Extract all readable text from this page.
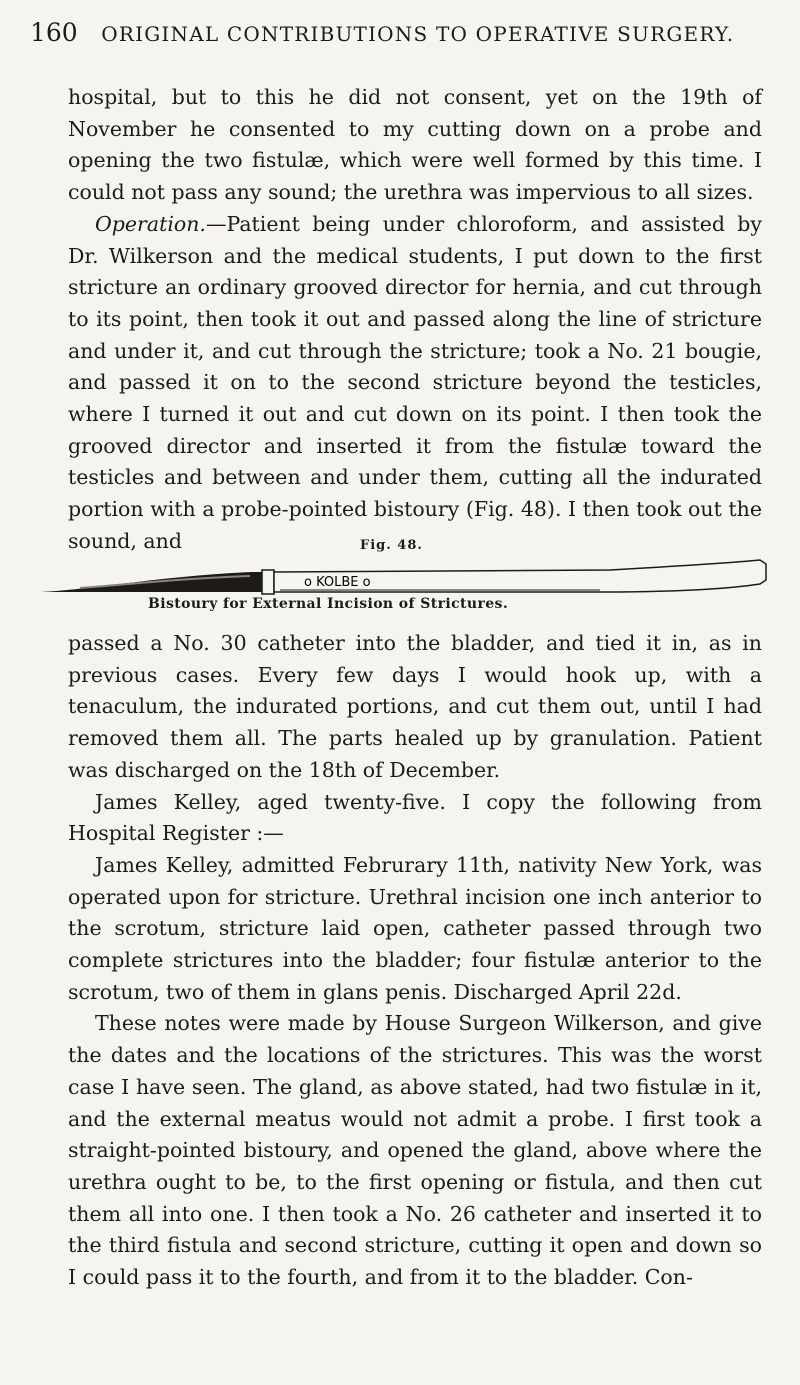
160 ORIGINAL CONTRIBUTIONS TO OPERATIVE SURGERY.

hospital, but to this he did not consent, yet on the 19th of November he consented to my cutting down on a probe and opening the two fistulæ, which were well formed by this time. I could not pass any sound; the urethra was impervious to all sizes.

Operation.—Patient being under chloroform, and assisted by Dr. Wilkerson and the medical students, I put down to the first stricture an ordinary grooved director for hernia, and cut through to its point, then took it out and passed along the line of stricture and under it, and cut through the stricture; took a No. 21 bougie, and passed it on to the second stricture beyond the testicles, where I turned it out and cut down on its point. I then took the grooved director and inserted it from the fistulæ toward the testicles and between and under them, cutting all the indurated portion with a probe-pointed bistoury (Fig. 48). I then took out the sound, and	Fig. 48.
o KOLBE o
Bistoury for External Incision of Strictures.

passed a No. 30 catheter into the bladder, and tied it in, as in previous cases. Every few days I would hook up, with a tenaculum, the indurated portions, and cut them out, until I had removed them all. The parts healed up by granulation. Patient was discharged on the 18th of December.

James Kelley, aged twenty-five. I copy the following from Hospital Register :—

James Kelley, admitted Februrary 11th, nativity New York, was operated upon for stricture. Urethral incision one inch anterior to the scrotum, stricture laid open, catheter passed through two complete strictures into the bladder; four fistulæ anterior to the scrotum, two of them in glans penis. Discharged April 22d.

These notes were made by House Surgeon Wilkerson, and give the dates and the locations of the strictures. This was the worst case I have seen. The gland, as above stated, had two fistulæ in it, and the external meatus would not admit a probe. I first took a straight-pointed bistoury, and opened the gland, above where the urethra ought to be, to the first opening or fistula, and then cut them all into one. I then took a No. 26 catheter and inserted it to the third fistula and second stricture, cutting it open and down so I could pass it to the fourth, and from it to the bladder. Con-
